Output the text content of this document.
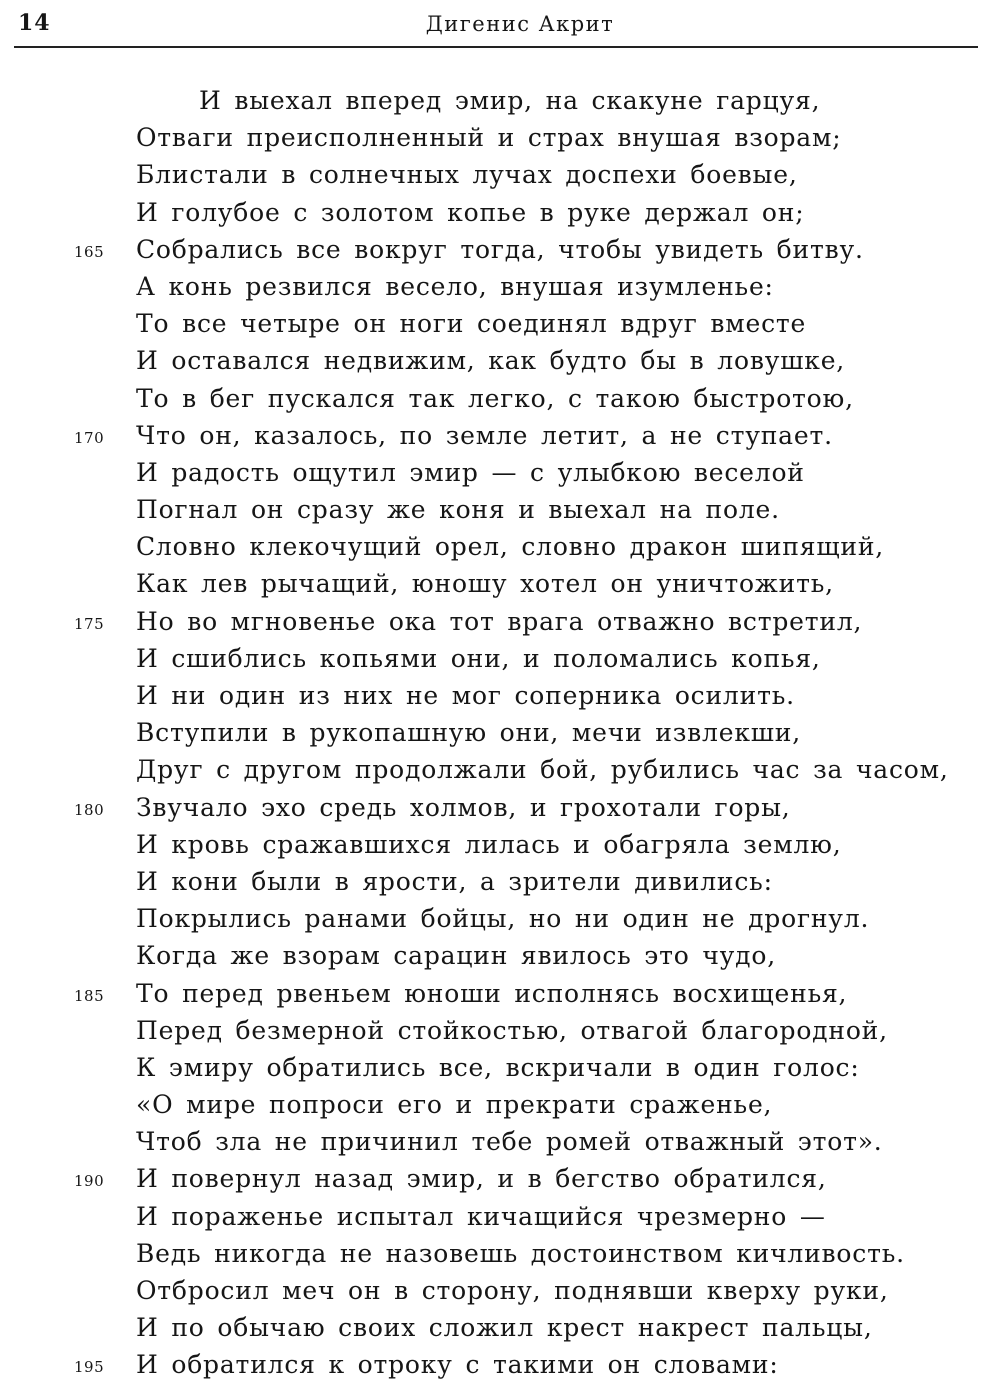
14	Дигенис Акрит
И выехал вперед эмир, на скакуне гарцуя,
Отваги преисполненный и страх внушая взорам;
Блистали в солнечных лучах доспехи боевые,
И голубое с золотом копье в руке держал он;
165 Собрались все вокруг тогда, чтобы увидеть битву.
А конь резвился весело, внушая изумленье:
То все четыре он ноги соединял вдруг вместе
И оставался недвижим, как будто бы в ловушке,
То в бег пускался так легко, с такою быстротою,
170 Что он, казалось, по земле летит, а не ступает.
И радость ощутил эмир — с улыбкою веселой
Погнал он сразу же коня и выехал на поле.
Словно клекочущий орел, словно дракон шипящий,
Как лев рычащий, юношу хотел он уничтожить,
175 Но во мгновенье ока тот врага отважно встретил,
И сшиблись копьями они, и поломались копья,
И ни один из них не мог соперника осилить.
Вступили в рукопашную они, мечи извлекши,
Друг с другом продолжали бой, рубились час за часом,
180 Звучало эхо средь холмов, и грохотали горы,
И кровь сражавшихся лилась и обагряла землю,
И кони были в ярости, а зрители дивились:
Покрылись ранами бойцы, но ни один не дрогнул.
Когда же взорам сарацин явилось это чудо,
185 То перед рвеньем юноши исполнясь восхищенья,
Перед безмерной стойкостью, отвагой благородной,
К эмиру обратились все, вскричали в один голос:
«О мире попроси его и прекрати сраженье,
Чтоб зла не причинил тебе ромей отважный этот».
190 И повернул назад эмир, и в бегство обратился,
И пораженье испытал кичащийся чрезмерно —
Ведь никогда не назовешь достоинством кичливость.
Отбросил меч он в сторону, поднявши кверху руки,
И по обычаю своих сложил крест накрест пальцы,
195 И обратился к отроку с такими он словами:
